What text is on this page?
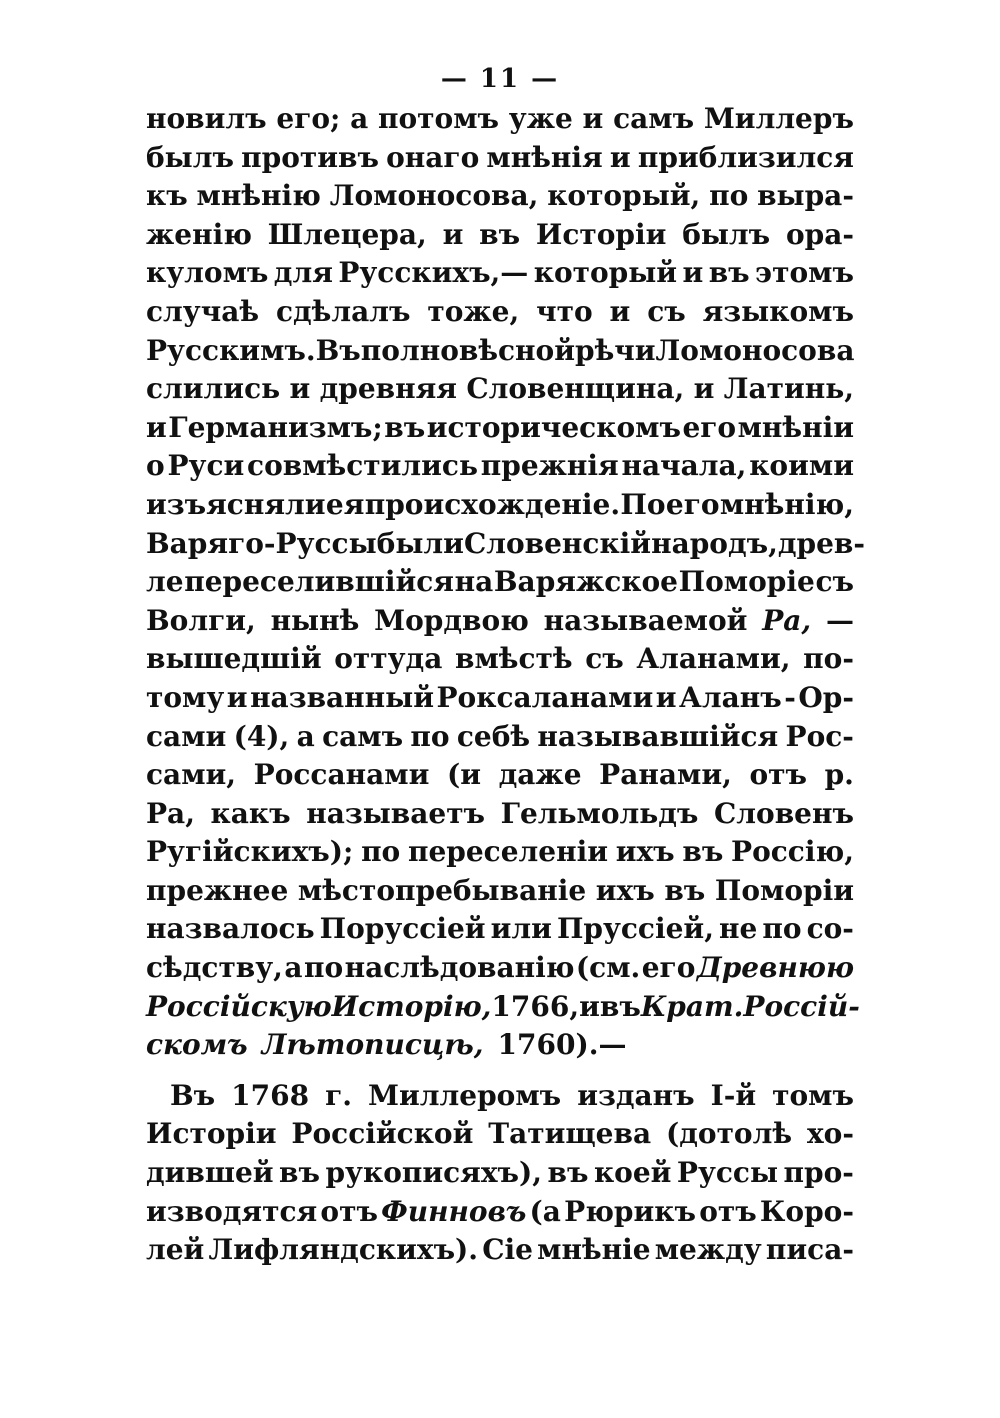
— 11 —
новилъ его; а потомъ уже и самъ Миллеръ
былъ противъ онаго мнѣнія и приблизился
къ мнѣнію Ломоносова, который, по выра-
женію Шлецера, и въ Исторіи былъ ора-
куломъ для Русскихъ,— который и въ этомъ
случаѣ сдѣлалъ тоже, что и съ языкомъ
Русскимъ. Въ полновѣсной рѣчи Ломоносова
слились и древняя Словенщина, и Латинь,
и Германизмъ; въ историческомъ его мнѣніи
о Руси совмѣстились прежнія начала, коими
изъясняли ея происхожденіе. По его мнѣнію,
Варяго-Руссы были Словенскій народъ, древ-
ле переселившійся на Варяжское Поморіе съ
Волги, нынѣ Мордвою называемой Ра, —
вышедшій оттуда вмѣстѣ съ Аланами, по-
тому и названный Роксаланами и Аланъ - Ор-
сами (4), а самъ по себѣ называвшійся Рос-
сами, Россанами (и даже Ранами, отъ р.
Ра, какъ называетъ Гельмольдъ Словенъ
Ругійскихъ); по переселеніи ихъ въ Россію,
прежнее мѣстопребываніе ихъ въ Поморіи
назвалось Поруссіей или Пруссіей, не по со-
сѣдству, а по наслѣдованію (см. его Древнюю
Россійскую Исторію, 1766, и въ Крат. Россій-
скомъ Лѣтописцѣ, 1760).—
Въ 1768 г. Миллеромъ изданъ I-й томъ
Исторіи Россійской Татищева (дотолѣ хо-
дившей въ рукописяхъ), въ коей Руссы про-
изводятся отъ Финновъ (а Рюрикъ отъ Коро-
лей Лифляндскихъ). Сіе мнѣніе между писа-
